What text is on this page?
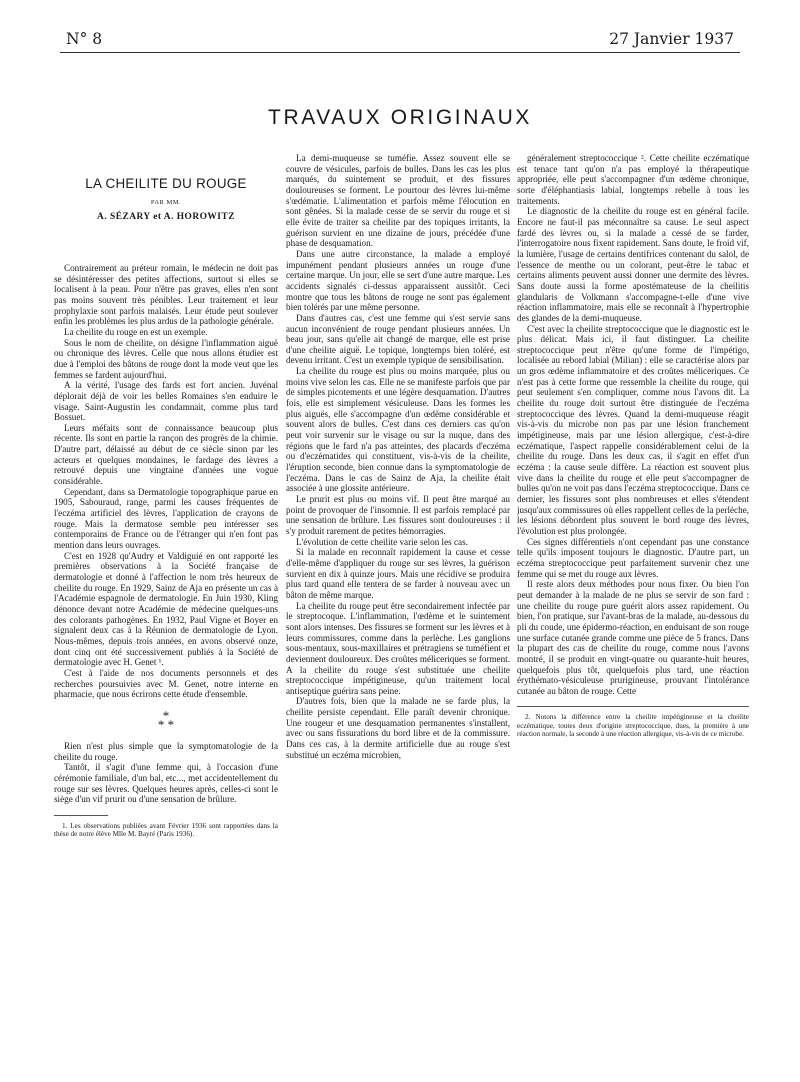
N° 8	27 Janvier 1937
TRAVAUX ORIGINAUX
LA CHEILITE DU ROUGE
PAR MM.
A. SÉZARY et A. HOROWITZ

Contrairement au préteur romain, le médecin ne doit pas se désintéresser des petites affections, surtout si elles se localisent à la peau. Pour n'être pas graves, elles n'en sont pas moins souvent très pénibles. Leur traitement et leur prophylaxie sont parfois malaisés. Leur étude peut soulever enfin les problèmes les plus ardus de la pathologie générale.

La cheilite du rouge en est un exemple.

Sous le nom de cheilite, on désigne l'inflammation aiguë ou chronique des lèvres. Celle que nous allons étudier est due à l'emploi des bâtons de rouge dont la mode veut que les femmes se fardent aujourd'hui.

A la vérité, l'usage des fards est fort ancien. Juvénal déplorait déjà de voir les belles Romaines s'en enduire le visage. Saint-Augustin les condamnait, comme plus tard Bossuet.

Leurs méfaits sont de connaissance beaucoup plus récente. Ils sont en partie la rançon des progrès de la chimie. D'autre part, délaissé au début de ce siècle sinon par les acteurs et quelques mondaines, le fardage des lèvres a retrouvé depuis une vingtaine d'années une vogue considérable.

Cependant, dans sa Dermatologie topographique parue en 1905, Sabouraud, range, parmi les causes fréquentes de l'eczéma artificiel des lèvres, l'application de crayons de rouge. Mais la dermatose semble peu intéresser ses contemporains de France ou de l'étranger qui n'en font pas mention dans leurs ouvrages.

C'est en 1928 qu'Audry et Valdiguié en ont rapporté les premières observations à la Société française de dermatologie et donné à l'affection le nom très heureux de cheilite du rouge. En 1929, Sainz de Aja en présente un cas à l'Académie espagnole de dermatologie. En Juin 1930, Kling dénonce devant notre Académie de médecine quelques-uns des colorants pathogènes. En 1932, Paul Vigne et Boyer en signalent deux cas à la Réunion de dermatologie de Lyon. Nous-mêmes, depuis trois années, en avons observé onze, dont cinq ont été successivement publiés à la Société de dermatologie avec H. Genet ¹.

C'est à l'aide de nos documents personnels et des recherches poursuivies avec M. Genet, notre interne en pharmacie, que nous écrirons cette étude d'ensemble.

*
* *

Rien n'est plus simple que la symptomatologie de la cheilite du rouge.

Tantôt, il s'agit d'une femme qui, à l'occasion d'une cérémonie familiale, d'un bal, etc..., met accidentellement du rouge sur ses lèvres. Quelques heures après, celles-ci sont le siège d'un vif prurit ou d'une sensation de brûlure.

1. Les observations publiées avant Février 1936 sont rapportées dans la thèse de notre élève Mlle M. Bayré (Paris 1936).

La demi-muqueuse se tuméfie. Assez souvent elle se couvre de vésicules, parfois de bulles. Dans les cas les plus marqués, du suintement se produit, et des fissures douloureuses se forment. Le pourtour des lèvres lui-même s'œdématie. L'alimentation et parfois même l'élocution en sont gênées. Si la malade cesse de se servir du rouge et si elle évite de traiter sa cheilite par des topiques irritants, la guérison survient en une dizaine de jours, précédée d'une phase de desquamation.

Dans une autre circonstance, la malade a employé impunément pendant plusieurs années un rouge d'une certaine marque. Un jour, elle se sert d'une autre marque. Les accidents signalés ci-dessus apparaissent aussitôt. Ceci montre que tous les bâtons de rouge ne sont pas également bien tolérés par une même personne.

Dans d'autres cas, c'est une femme qui s'est servie sans aucun inconvénient de rouge pendant plusieurs années. Un beau jour, sans qu'elle ait changé de marque, elle est prise d'une cheilite aiguë. Le topique, longtemps bien toléré, est devenu irritant. C'est un exemple typique de sensibilisation.

La cheilite du rouge est plus ou moins marquée, plus ou moins vive selon les cas. Elle ne se manifeste parfois que par de simples picotements et une légère desquamation. D'autres fois, elle est simplement vésiculeuse. Dans les formes les plus aiguës, elle s'accompagne d'un œdème considérable et souvent alors de bulles. C'est dans ces derniers cas qu'on peut voir survenir sur le visage ou sur la nuque, dans des régions que le fard n'a pas atteintes, des placards d'eczéma ou d'eczématides qui constituent, vis-à-vis de la cheilite, l'éruption seconde, bien connue dans la symptomatologie de l'eczéma. Dans le cas de Sainz de Aja, la cheilite était associée à une glossite antérieure.

Le prurit est plus ou moins vif. Il peut être marqué au point de provoquer de l'insomnie. Il est parfois remplacé par une sensation de brûlure. Les fissures sont douloureuses : il s'y produit rarement de petites hémorragies.

L'évolution de cette cheilite varie selon les cas.

Si la malade en reconnaît rapidement la cause et cesse d'elle-même d'appliquer du rouge sur ses lèvres, la guérison survient en dix à quinze jours. Mais une récidive se produira plus tard quand elle tentera de se farder à nouveau avec un bâton de même marque.

La cheilite du rouge peut être secondairement infectée par le streptocoque. L'inflammation, l'œdème et le suintement sont alors intenses. Des fissures se forment sur les lèvres et à leurs commissures, comme dans la perlèche. Les ganglions sous-mentaux, sous-maxillaires et prétragiens se tuméfient et deviennent douloureux. Des croûtes méliceriques se forment. A la cheilite du rouge s'est substituée une cheilite streptococcique impétigineuse, qu'un traitement local antiseptique guérira sans peine.

D'autres fois, bien que la malade ne se farde plus, la cheilite persiste cependant. Elle paraît devenir chronique. Une rougeur et une desquamation permanentes s'installent, avec ou sans fissurations du bord libre et de la commissure. Dans ces cas, à la dermite artificielle due au rouge s'est substitué un eczéma microbien,

généralement streptococcique ². Cette cheilite eczématique est tenace tant qu'on n'a pas employé la thérapeutique appropriée, elle peut s'accompagner d'un œdème chronique, sorte d'éléphantiasis labial, longtemps rebelle à tous les traitements.

Le diagnostic de la cheilite du rouge est en général facile. Encore ne faut-il pas méconnaître sa cause. Le seul aspect fardé des lèvres ou, si la malade a cessé de se farder, l'interrogatoire nous fixent rapidement. Sans doute, le froid vif, la lumière, l'usage de certains dentifrices contenant du salol, de l'essence de menthe ou un colorant, peut-être le tabac et certains aliments peuvent aussi donner une dermite des lèvres. Sans doute aussi la forme apostémateuse de la cheilitis glandularis de Volkmann s'accompagne-t-elle d'une vive réaction inflammatoire, mais elle se reconnaît à l'hypertrophie des glandes de la demi-muqueuse.

C'est avec la cheilite streptococcique que le diagnostic est le plus délicat. Mais ici, il faut distinguer. La cheilite streptococcique peut n'être qu'une forme de l'impétigo, localisée au rebord labial (Milian) : elle se caractérise alors par un gros œdème inflammatoire et des croûtes méliceriques. Ce n'est pas à cette forme que ressemble la cheilite du rouge, qui peut seulement s'en compliquer, comme nous l'avons dit. La cheilite du rouge doit surtout être distinguée de l'eczéma streptococcique des lèvres. Quand la demi-muqueuse réagit vis-à-vis du microbe non pas par une lésion franchement impétigineuse, mais par une lésion allergique, c'est-à-dire eczématique, l'aspect rappelle considérablement celui de la cheilite du rouge. Dans les deux cas, il s'agit en effet d'un eczéma : la cause seule diffère. La réaction est souvent plus vive dans la cheilite du rouge et elle peut s'accompagner de bulles qu'on ne voit pas dans l'eczéma streptococcique. Dans ce dernier, les fissures sont plus nombreuses et elles s'étendent jusqu'aux commissures où elles rappellent celles de la perlèche, les lésions débordent plus souvent le bord rouge des lèvres, l'évolution est plus prolongée.

Ces signes différentiels n'ont cependant pas une constance telle qu'ils imposent toujours le diagnostic. D'autre part, un eczéma streptococcique peut parfaitement survenir chez une femme qui se met du rouge aux lèvres.

Il reste alors deux méthodes pour nous fixer. Ou bien l'on peut demander à la malade de ne plus se servir de son fard : une cheilite du rouge pure guérit alors assez rapidement. Ou bien, l'on pratique, sur l'avant-bras de la malade, au-dessous du pli du coude, une épidermo-réaction, en enduisant de son rouge une surface cutanée grande comme une pièce de 5 francs. Dans la plupart des cas de cheilite du rouge, comme nous l'avons montré, il se produit en vingt-quatre ou quarante-huit heures, quelquefois plus tôt, quelquefois plus tard, une réaction érythémato-vésiculeuse prurigineuse, prouvant l'intolérance cutanée au bâton de rouge. Cette

2. Notons la différence entre la cheilite impétigineuse et la cheilite eczématique, toutes deux d'origine streptococcique, dues, la première à une réaction normale, la seconde à une réaction allergique, vis-à-vis de ce microbe.
